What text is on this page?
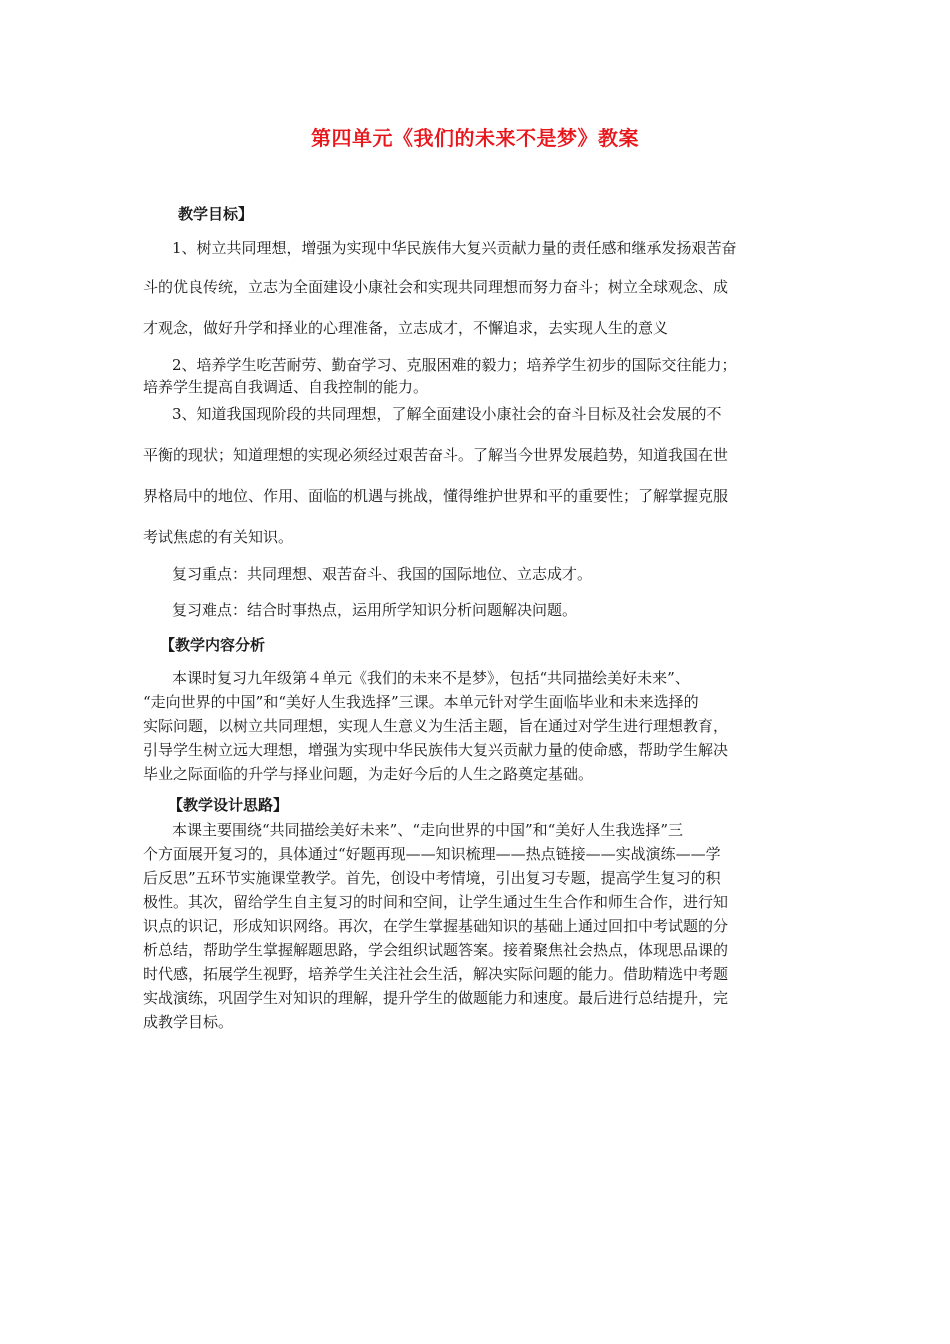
第四单元《我们的未来不是梦》教案
教学目标】
1、树立共同理想，增强为实现中华民族伟大复兴贡献力量的责任感和继承发扬艰苦奋
斗的优良传统，立志为全面建设小康社会和实现共同理想而努力奋斗；树立全球观念、成
才观念，做好升学和择业的心理准备，立志成才，不懈追求，去实现人生的意义
2、培养学生吃苦耐劳、勤奋学习、克服困难的毅力；培养学生初步的国际交往能力；
培养学生提高自我调适、自我控制的能力。
3、知道我国现阶段的共同理想，了解全面建设小康社会的奋斗目标及社会发展的不
平衡的现状；知道理想的实现必须经过艰苦奋斗。了解当今世界发展趋势，知道我国在世
界格局中的地位、作用、面临的机遇与挑战，懂得维护世界和平的重要性；了解掌握克服
考试焦虑的有关知识。
复习重点：共同理想、艰苦奋斗、我国的国际地位、立志成才。
复习难点：结合时事热点，运用所学知识分析问题解决问题。
【教学内容分析
本课时复习九年级第４单元《我们的未来不是梦》，包括“共同描绘美好未来”、
“走向世界的中国”和“美好人生我选择”三课。本单元针对学生面临毕业和未来选择的
实际问题，以树立共同理想，实现人生意义为生活主题，旨在通过对学生进行理想教育，
引导学生树立远大理想，增强为实现中华民族伟大复兴贡献力量的使命感，帮助学生解决
毕业之际面临的升学与择业问题，为走好今后的人生之路奠定基础。
【教学设计思路】
本课主要围绕“共同描绘美好未来”、“走向世界的中国”和“美好人生我选择”三
个方面展开复习的，具体通过“好题再现——知识梳理——热点链接——实战演练——学
后反思”五环节实施课堂教学。首先，创设中考情境，引出复习专题，提高学生复习的积
极性。其次，留给学生自主复习的时间和空间，让学生通过生生合作和师生合作，进行知
识点的识记，形成知识网络。再次，在学生掌握基础知识的基础上通过回扣中考试题的分
析总结，帮助学生掌握解题思路，学会组织试题答案。接着聚焦社会热点，体现思品课的
时代感，拓展学生视野，培养学生关注社会生活，解决实际问题的能力。借助精选中考题
实战演练，巩固学生对知识的理解，提升学生的做题能力和速度。最后进行总结提升，完
成教学目标。
